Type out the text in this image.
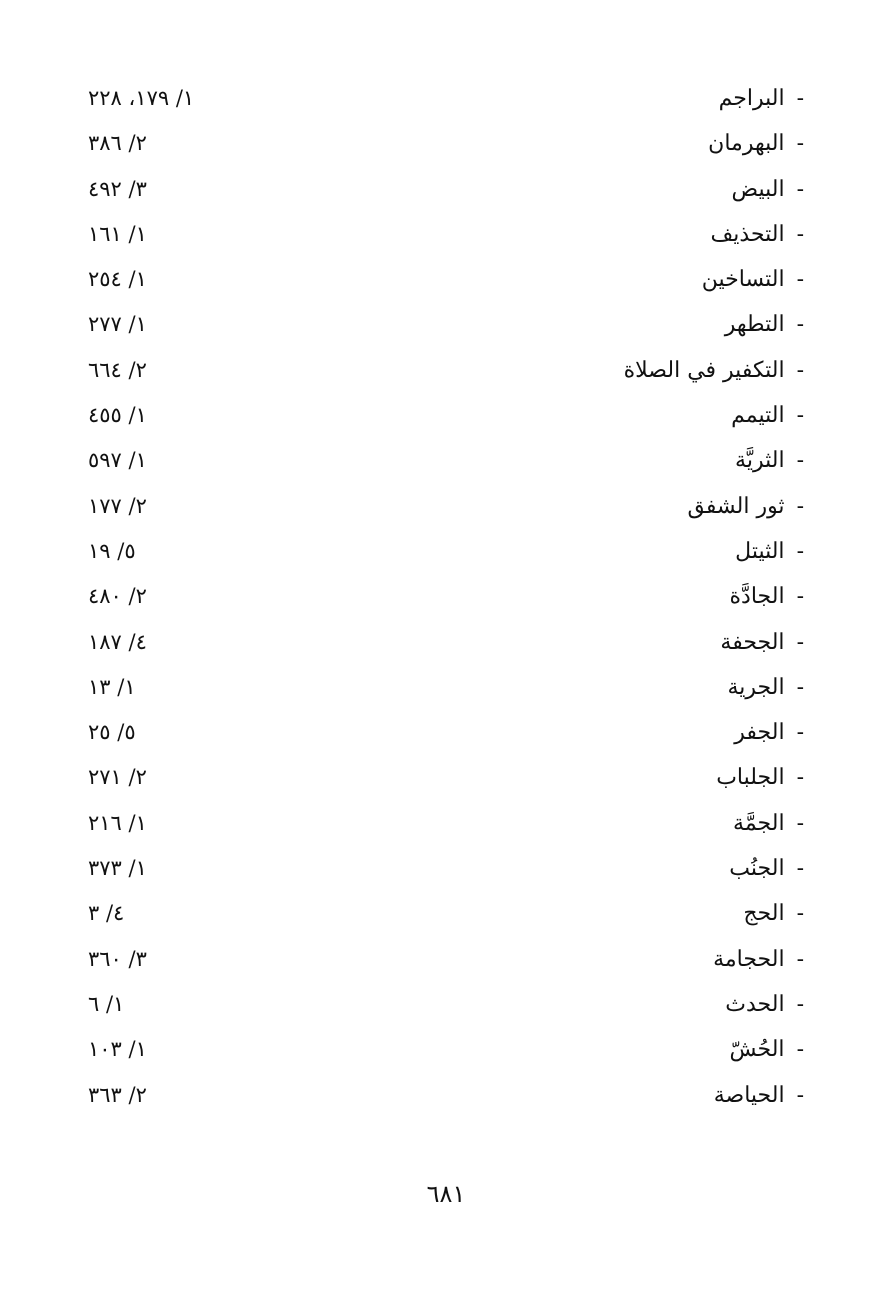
-البراجم
١/ ١٧٩، ٢٢٨
-البهرمان
٢/ ٣٨٦
-البيض
٣/ ٤٩٢
-التحذيف
١/ ١٦١
-التساخين
١/ ٢٥٤
-التطهر
١/ ٢٧٧
-التكفير في الصلاة
٢/ ٦٦٤
-التيمم
١/ ٤٥٥
-الثريَّة
١/ ٥٩٧
-ثور الشفق
٢/ ١٧٧
-الثيتل
٥/ ١٩
-الجادَّة
٢/ ٤٨٠
-الجحفة
٤/ ١٨٧
-الجرية
١/ ١٣
-الجفر
٥/ ٢٥
-الجلباب
٢/ ٢٧١
-الجمَّة
١/ ٢١٦
-الجنُب
١/ ٣٧٣
-الحج
٤/ ٣
-الحجامة
٣/ ٣٦٠
-الحدث
١/ ٦
-الحُشّ
١/ ١٠٣
-الحياصة
٢/ ٣٦٣
٦٨١
